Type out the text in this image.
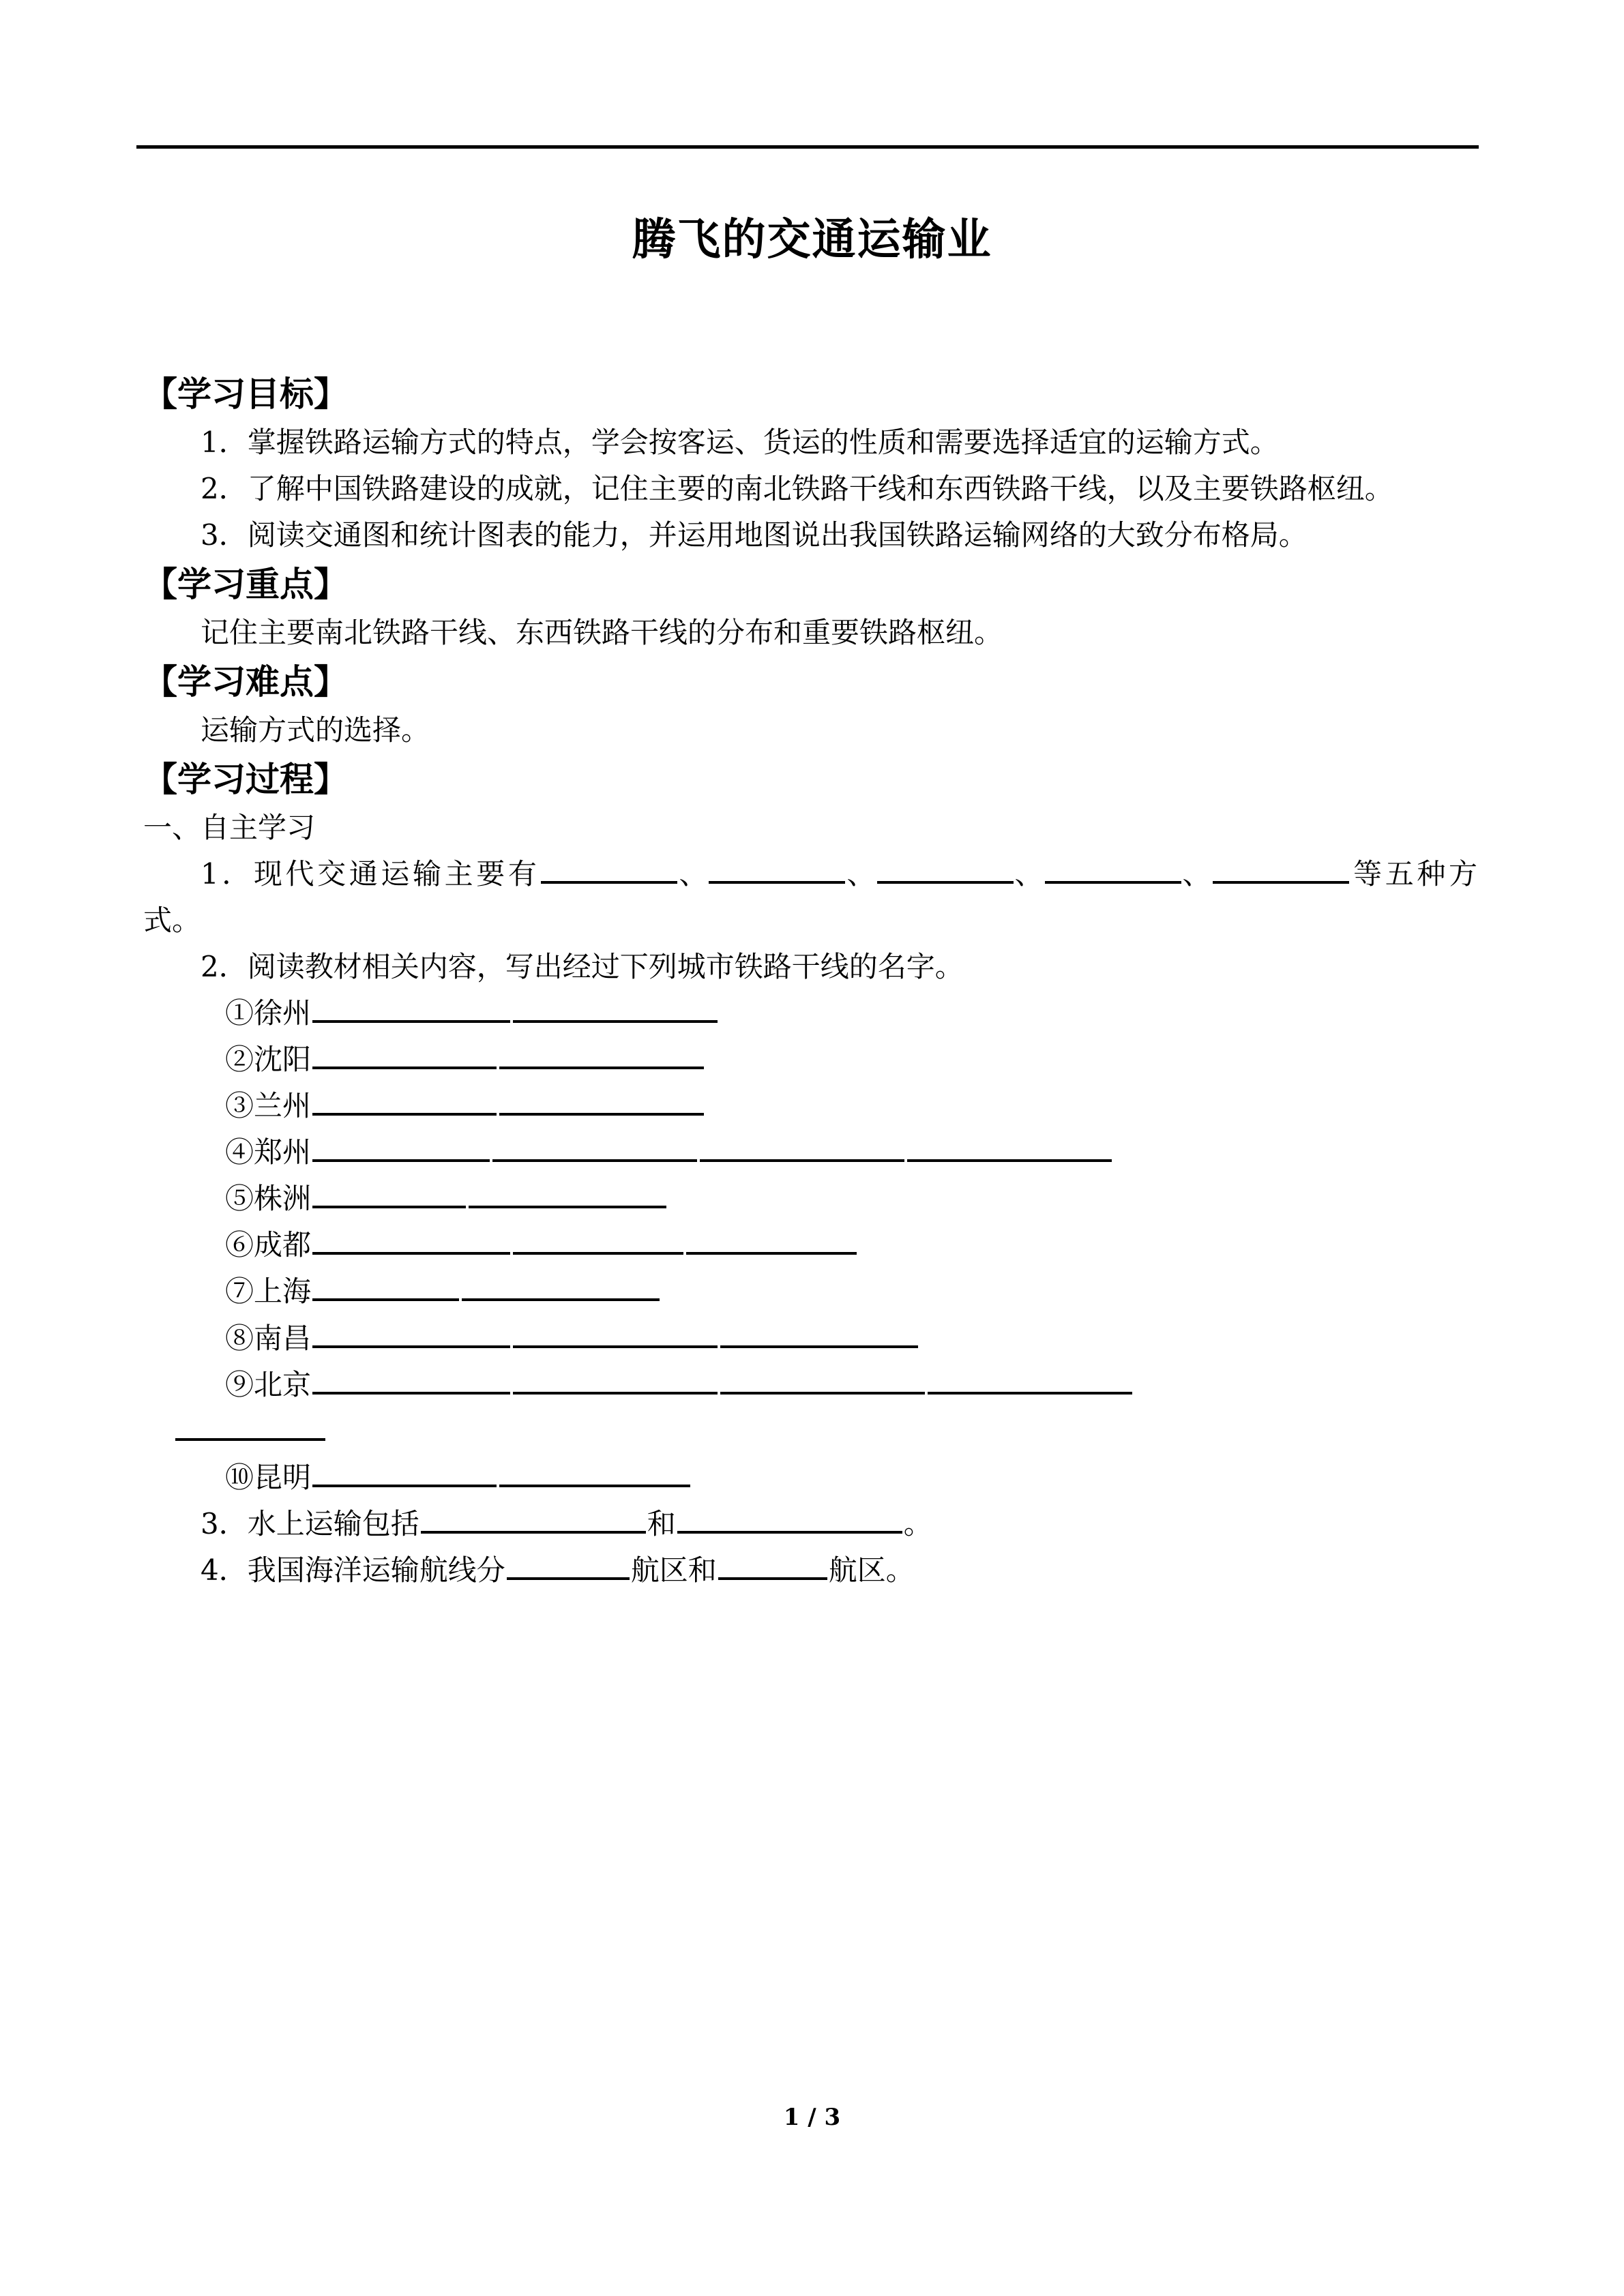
腾飞的交通运输业
【学习目标】
1．掌握铁路运输方式的特点，学会按客运、货运的性质和需要选择适宜的运输方式。
2．了解中国铁路建设的成就，记住主要的南北铁路干线和东西铁路干线，以及主要铁路枢纽。
3．阅读交通图和统计图表的能力，并运用地图说出我国铁路运输网络的大致分布格局。
【学习重点】
记住主要南北铁路干线、东西铁路干线的分布和重要铁路枢纽。
【学习难点】
运输方式的选择。
【学习过程】
一、自主学习
1．现代交通运输主要有	、	、	、	、	等五种方式。
2．阅读教材相关内容，写出经过下列城市铁路干线的名字。
①徐州
②沈阳
③兰州
④郑州
⑤株洲
⑥成都
⑦上海
⑧南昌
⑨北京
⑩昆明
3．水上运输包括	和	。
4．我国海洋运输航线分	航区和	航区。
1 / 3
